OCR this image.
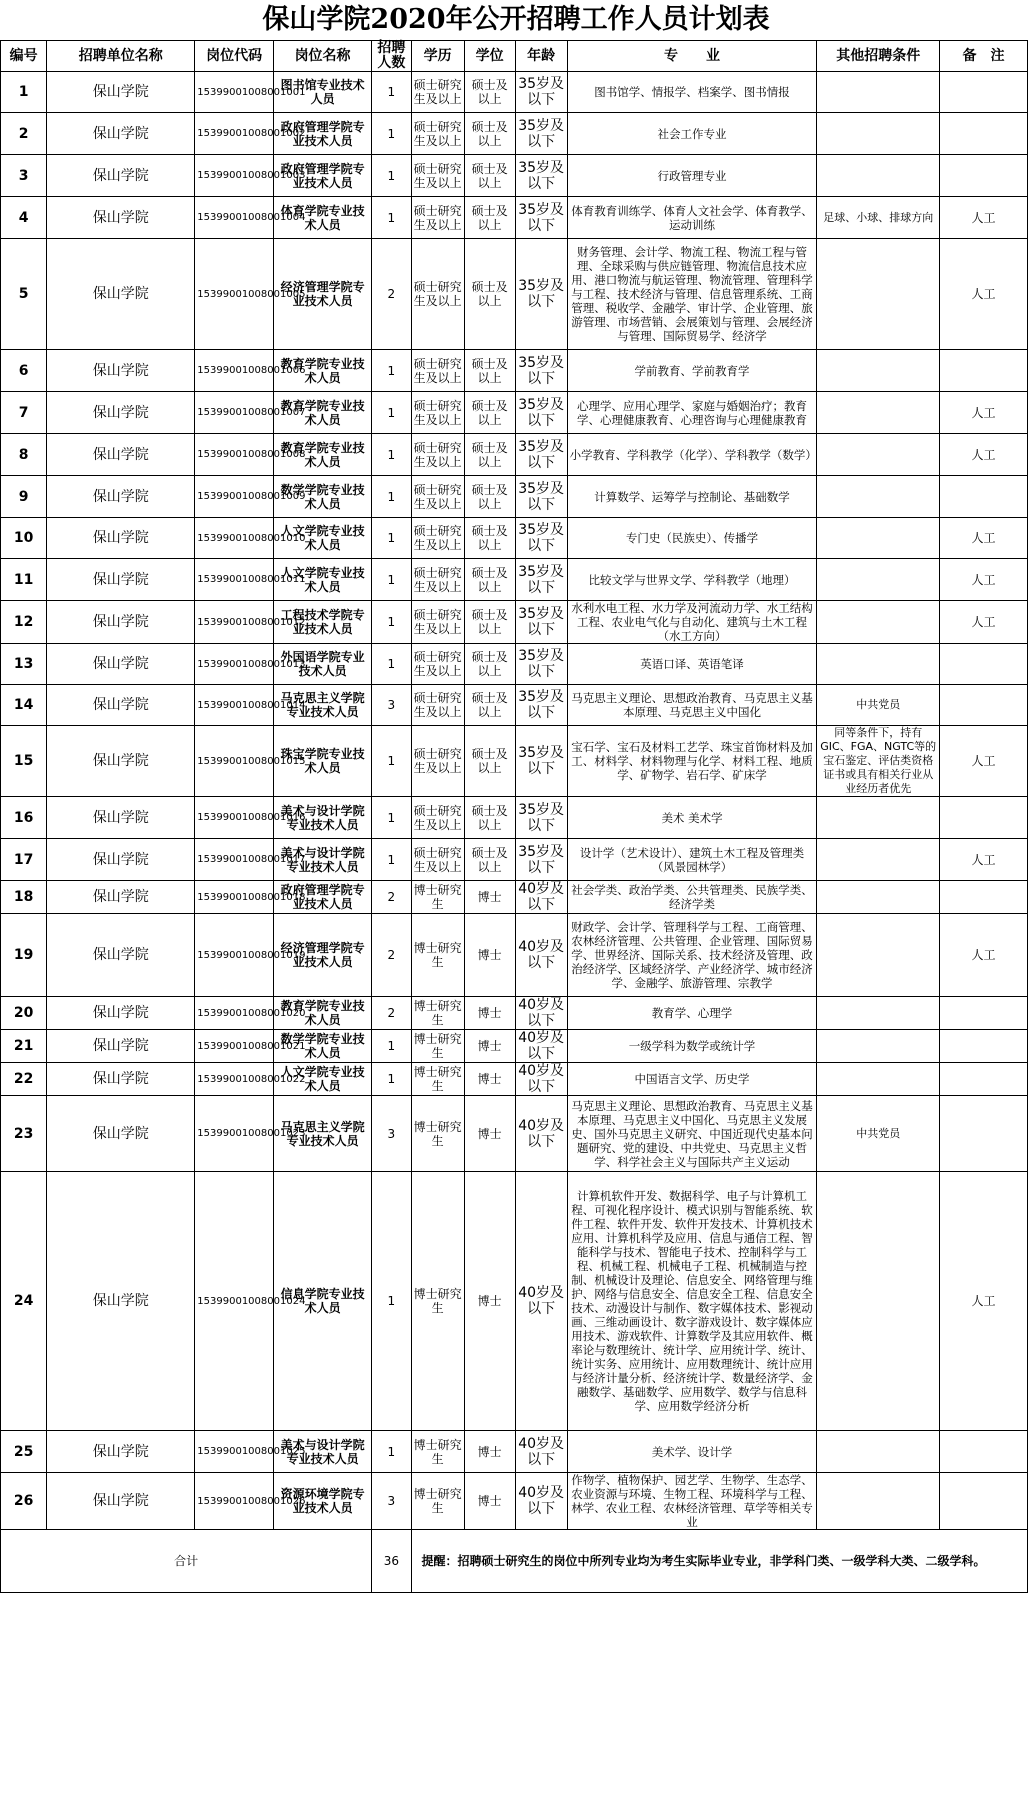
保山学院2020年公开招聘工作人员计划表
编号	招聘单位名称	岗位代码	岗位名称	招聘人数	学历	学位	年龄	专　　业	其他招聘条件	备　注
1	保山学院	15399001008001001	图书馆专业技术人员	1	硕士研究生及以上	硕士及以上	35岁及以下	图书馆学、情报学、档案学、图书情报		
2	保山学院	15399001008001002	政府管理学院专业技术人员	1	硕士研究生及以上	硕士及以上	35岁及以下	社会工作专业		
3	保山学院	15399001008001003	政府管理学院专业技术人员	1	硕士研究生及以上	硕士及以上	35岁及以下	行政管理专业		
4	保山学院	15399001008001004	体育学院专业技术人员	1	硕士研究生及以上	硕士及以上	35岁及以下	体育教育训练学、体育人文社会学、体育教学、运动训练	足球、小球、排球方向	人工
5	保山学院	15399001008001005	经济管理学院专业技术人员	2	硕士研究生及以上	硕士及以上	35岁及以下	财务管理、会计学、物流工程、物流工程与管理、全球采购与供应链管理、物流信息技术应用、港口物流与航运管理、物流管理、管理科学与工程、技术经济与管理、信息管理系统、工商管理、税收学、金融学、审计学、企业管理、旅游管理、市场营销、会展策划与管理、会展经济与管理、国际贸易学、经济学		人工
6	保山学院	15399001008001006	教育学院专业技术人员	1	硕士研究生及以上	硕士及以上	35岁及以下	学前教育、学前教育学		
7	保山学院	15399001008001007	教育学院专业技术人员	1	硕士研究生及以上	硕士及以上	35岁及以下	心理学、应用心理学、家庭与婚姻治疗；教育学、心理健康教育、心理咨询与心理健康教育		人工
8	保山学院	15399001008001008	教育学院专业技术人员	1	硕士研究生及以上	硕士及以上	35岁及以下	小学教育、学科教学（化学）、学科教学（数学）		人工
9	保山学院	15399001008001009	数学学院专业技术人员	1	硕士研究生及以上	硕士及以上	35岁及以下	计算数学、运筹学与控制论、基础数学		
10	保山学院	15399001008001010	人文学院专业技术人员	1	硕士研究生及以上	硕士及以上	35岁及以下	专门史（民族史）、传播学		人工
11	保山学院	15399001008001011	人文学院专业技术人员	1	硕士研究生及以上	硕士及以上	35岁及以下	比较文学与世界文学、学科教学（地理）		人工
12	保山学院	15399001008001012	工程技术学院专业技术人员	1	硕士研究生及以上	硕士及以上	35岁及以下	水利水电工程、水力学及河流动力学、水工结构工程、农业电气化与自动化、建筑与土木工程（水工方向）		人工
13	保山学院	15399001008001013	外国语学院专业技术人员	1	硕士研究生及以上	硕士及以上	35岁及以下	英语口译、英语笔译		
14	保山学院	15399001008001014	马克思主义学院专业技术人员	3	硕士研究生及以上	硕士及以上	35岁及以下	马克思主义理论、思想政治教育、马克思主义基本原理、马克思主义中国化	中共党员	
15	保山学院	15399001008001015	珠宝学院专业技术人员	1	硕士研究生及以上	硕士及以上	35岁及以下	宝石学、宝石及材料工艺学、珠宝首饰材料及加工、材料学、材料物理与化学、材料工程、地质学、矿物学、岩石学、矿床学	同等条件下，持有GIC、FGA、NGTC等的宝石鉴定、评估类资格证书或具有相关行业从业经历者优先	人工
16	保山学院	15399001008001016	美术与设计学院专业技术人员	1	硕士研究生及以上	硕士及以上	35岁及以下	美术 美术学		
17	保山学院	15399001008001017	美术与设计学院专业技术人员	1	硕士研究生及以上	硕士及以上	35岁及以下	设计学（艺术设计）、建筑土木工程及管理类（风景园林学）		人工
18	保山学院	15399001008001018	政府管理学院专业技术人员	2	博士研究生	博士	40岁及以下	社会学类、政治学类、公共管理类、民族学类、经济学类		
19	保山学院	15399001008001019	经济管理学院专业技术人员	2	博士研究生	博士	40岁及以下	财政学、会计学、管理科学与工程、工商管理、农林经济管理、公共管理、企业管理、国际贸易学、世界经济、国际关系、技术经济及管理、政治经济学、区域经济学、产业经济学、城市经济学、金融学、旅游管理、宗教学		人工
20	保山学院	15399001008001020	教育学院专业技术人员	2	博士研究生	博士	40岁及以下	教育学、心理学		
21	保山学院	15399001008001021	数学学院专业技术人员	1	博士研究生	博士	40岁及以下	一级学科为数学或统计学		
22	保山学院	15399001008001022	人文学院专业技术人员	1	博士研究生	博士	40岁及以下	中国语言文学、历史学		
23	保山学院	15399001008001023	马克思主义学院专业技术人员	3	博士研究生	博士	40岁及以下	马克思主义理论、思想政治教育、马克思主义基本原理、马克思主义中国化、马克思主义发展史、国外马克思主义研究、中国近现代史基本问题研究、党的建设、中共党史、马克思主义哲学、科学社会主义与国际共产主义运动	中共党员	
24	保山学院	15399001008001024	信息学院专业技术人员	1	博士研究生	博士	40岁及以下	计算机软件开发、数据科学、电子与计算机工程、可视化程序设计、模式识别与智能系统、软件工程、软件开发、软件开发技术、计算机技术应用、计算机科学及应用、信息与通信工程、智能科学与技术、智能电子技术、控制科学与工程、机械工程、机械电子工程、机械制造与控制、机械设计及理论、信息安全、网络管理与维护、网络与信息安全、信息安全工程、信息安全技术、动漫设计与制作、数字媒体技术、影视动画、三维动画设计、数字游戏设计、数字媒体应用技术、游戏软件、计算数学及其应用软件、概率论与数理统计、统计学、应用统计学、统计、统计实务、应用统计、应用数理统计、统计应用与经济计量分析、经济统计学、数量经济学、金融数学、基础数学、应用数学、数学与信息科学、应用数学经济分析		人工
25	保山学院	15399001008001025	美术与设计学院专业技术人员	1	博士研究生	博士	40岁及以下	美术学、设计学		
26	保山学院	15399001008001026	资源环境学院专业技术人员	3	博士研究生	博士	40岁及以下	作物学、植物保护、园艺学、生物学、生态学、农业资源与环境、生物工程、环境科学与工程、林学、农业工程、农林经济管理、草学等相关专业		
合计				36	提醒：招聘硕士研究生的岗位中所列专业均为考生实际毕业专业，非学科门类、一级学科大类、二级学科。					
